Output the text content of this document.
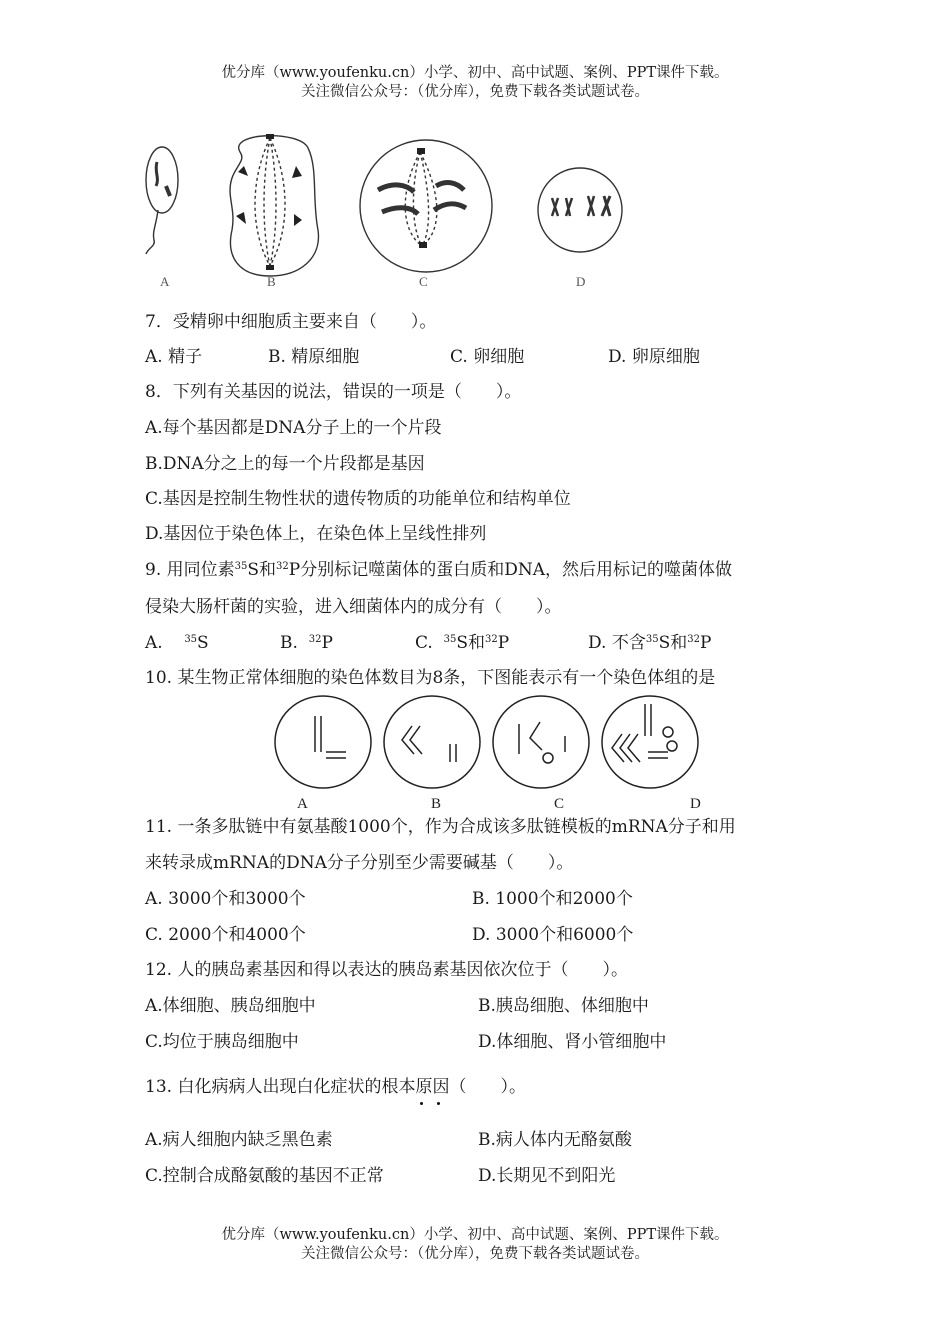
优分库（www.youfenku.cn）小学、初中、高中试题、案例、PPT课件下载。
关注微信公众号：（优分库），免费下载各类试题试卷。
A	B	C	D
7．受精卵中细胞质主要来自（　　）。
A. 精子	B. 精原细胞	C. 卵细胞	D. 卵原细胞
8．下列有关基因的说法，错误的一项是（　　）。
A.每个基因都是DNA分子上的一个片段
B.DNA分之上的每一个片段都是基因
C.基因是控制生物性状的遗传物质的功能单位和结构单位
D.基因位于染色体上，在染色体上呈线性排列
9. 用同位素$^{35}$S和$^{32}$P分别标记噬菌体的蛋白质和DNA，然后用标记的噬菌体做
侵染大肠杆菌的实验，进入细菌体内的成分有（　　）。
A. $^{35}$S	B. $^{32}$P	C. $^{35}$S和$^{32}$P	D. 不含$^{35}$S和$^{32}$P
10. 某生物正常体细胞的染色体数目为8条，下图能表示有一个染色体组的是
A	B	C	D
11. 一条多肽链中有氨基酸1000个，作为合成该多肽链模板的mRNA分子和用
来转录成mRNA的DNA分子分别至少需要碱基（　　）。
A. 3000个和3000个	B. 1000个和2000个
C. 2000个和4000个	D. 3000个和6000个
12. 人的胰岛素基因和得以表达的胰岛素基因依次位于（　　）。
A.体细胞、胰岛细胞中	B.胰岛细胞、体细胞中
C.均位于胰岛细胞中	D.体细胞、肾小管细胞中
13. 白化病病人出现白化症状的根本原因（　　）。
A.病人细胞内缺乏黑色素	B.病人体内无酪氨酸
C.控制合成酪氨酸的基因不正常	D.长期见不到阳光
优分库（www.youfenku.cn）小学、初中、高中试题、案例、PPT课件下载。
关注微信公众号：（优分库），免费下载各类试题试卷。
